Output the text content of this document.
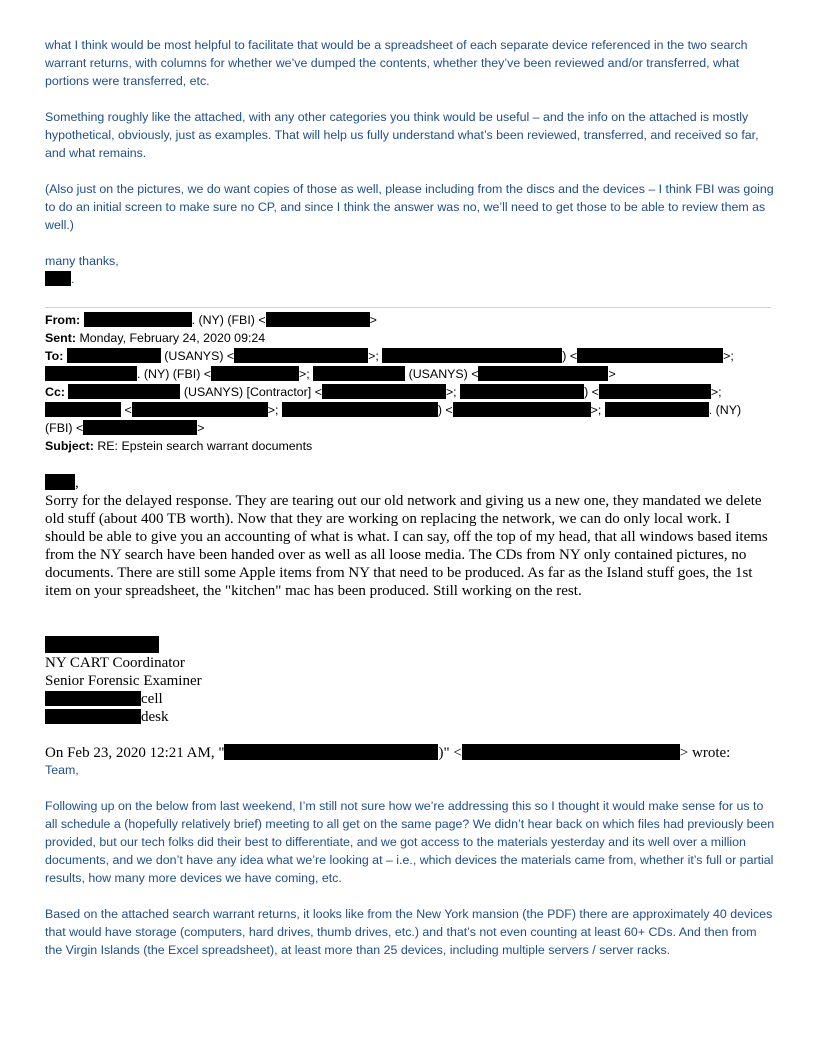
what I think would be most helpful to facilitate that would be a spreadsheet of each separate device referenced in the two search warrant returns, with columns for whether we’ve dumped the contents, whether they’ve been reviewed and/or transferred, what portions were transferred, etc.

Something roughly like the attached, with any other categories you think would be useful – and the info on the attached is mostly hypothetical, obviously, just as examples. That will help us fully understand what’s been reviewed, transferred, and received so far, and what remains.

(Also just on the pictures, we do want copies of those as well, please including from the discs and the devices – I think FBI was going to do an initial screen to make sure no CP, and since I think the answer was no, we’ll need to get those to be able to review them as well.)

many thanks,

.
From:	. (NY) (FBI) <	>
Sent: Monday, February 24, 2020 09:24
To:	(USANYS) <	>;	) <	>;
. (NY) (FBI) <	>;	(USANYS) <	>
Cc:	(USANYS) [Contractor] <	>;	) <	>;
<	>;	) <	>;	. (NY)
(FBI) <	>
Subject: RE: Epstein search warrant documents
,

Sorry for the delayed response. They are tearing out our old network and giving us a new one, they mandated we delete old stuff (about 400 TB worth). Now that they are working on replacing the network, we can do only local work. I should be able to give you an accounting of what is what. I can say, off the top of my head, that all windows based items from the NY search have been handed over as well as all loose media. The CDs from NY only contained pictures, no documents. There are still some Apple items from NY that need to be produced. As far as the Island stuff goes, the 1st item on your spreadsheet, the "kitchen" mac has been produced. Still working on the rest.

NY CART Coordinator
Senior Forensic Examiner
cell
desk
On Feb 23, 2020 12:21 AM, "	)" <	> wrote:

Team,

Following up on the below from last weekend, I’m still not sure how we’re addressing this so I thought it would make sense for us to all schedule a (hopefully relatively brief) meeting to all get on the same page? We didn’t hear back on which files had previously been provided, but our tech folks did their best to differentiate, and we got access to the materials yesterday and its well over a million documents, and we don’t have any idea what we’re looking at – i.e., which devices the materials came from, whether it’s full or partial results, how many more devices we have coming, etc.

Based on the attached search warrant returns, it looks like from the New York mansion (the PDF) there are approximately 40 devices that would have storage (computers, hard drives, thumb drives, etc.) and that’s not even counting at least 60+ CDs. And then from the Virgin Islands (the Excel spreadsheet), at least more than 25 devices, including multiple servers / server racks.
